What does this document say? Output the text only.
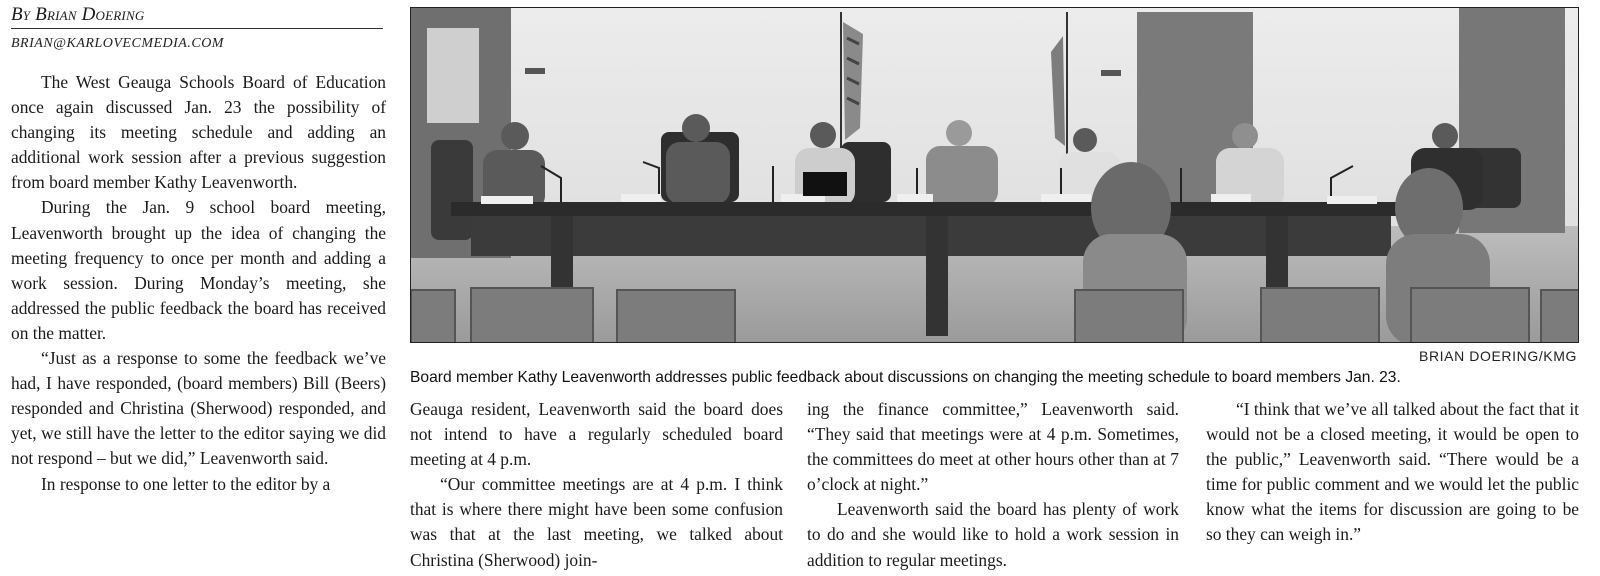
By Brian Doering
BRIAN@KARLOVECMEDIA.COM

The West Geauga Schools Board of Education once again discussed Jan. 23 the possibility of changing its meeting schedule and adding an additional work session after a previous suggestion from board member Kathy Leavenworth.

During the Jan. 9 school board meeting, Leavenworth brought up the idea of changing the meeting frequency to once per month and adding a work session. During Monday’s meeting, she addressed the public feedback the board has received on the matter.

“Just as a response to some the feedback we’ve had, I have responded, (board members) Bill (Beers) responded and Christina (Sherwood) responded, and yet, we still have the letter to the editor saying we did not respond – but we did,” Leavenworth said.

In response to one letter to the editor by a

BRIAN DOERING/KMG
Board member Kathy Leavenworth addresses public feedback about discussions on changing the meeting schedule to board members Jan. 23.

Geauga resident, Leavenworth said the board does not intend to have a regularly scheduled board meeting at 4 p.m.

“Our committee meetings are at 4 p.m. I think that is where there might have been some confusion was that at the last meeting, we talked about Christina (Sherwood) join-

ing the finance committee,” Leavenworth said. “They said that meetings were at 4 p.m. Sometimes, the committees do meet at other hours other than at 7 o’clock at night.”

Leavenworth said the board has plenty of work to do and she would like to hold a work session in addition to regular meetings.

“I think that we’ve all talked about the fact that it would not be a closed meeting, it would be open to the public,” Leavenworth said. “There would be a time for public comment and we would let the public know what the items for discussion are going to be so they can weigh in.”
